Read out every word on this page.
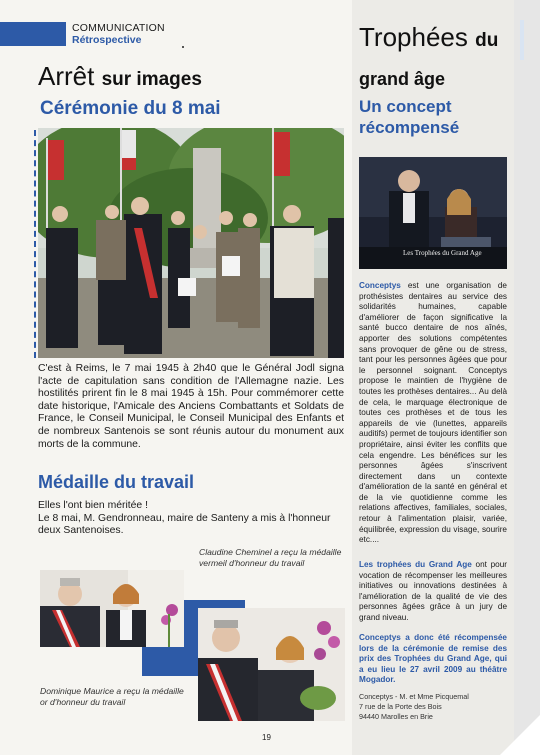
COMMUNICATION
Rétrospective
Arrêt sur images
Cérémonie du 8 mai
C'est à Reims, le 7 mai 1945 à 2h40 que le Général Jodl signa l'acte de capitulation sans condition de l'Allemagne nazie. Les hostilités prirent fin le 8 mai 1945 à 15h. Pour commémorer cette date historique, l'Amicale des Anciens Combattants et Soldats de France, le Conseil Municipal, le Conseil Municipal des Enfants et de nombreux Santenois se sont réunis autour du monument aux morts de la commune.
Médaille du travail
Elles l'ont bien méritée !
Le 8 mai, M. Gendronneau, maire de Santeny a mis à l'honneur deux Santenoises.
Claudine Cheminel a reçu la médaille vermeil d'honneur du travail
Dominique Maurice a reçu la médaille or d'honneur du travail
19
Trophées du
grand âge
Un concept récompensé
Les Trophées du Grand Age
Conceptys est une organisation de prothésistes dentaires au service des solidarités humaines, capable d'améliorer de façon significative la santé bucco dentaire de nos aînés, apporter des solutions compétentes sans provoquer de gêne ou de stress, tant pour les personnes âgées que pour le personnel soignant. Conceptys propose le maintien de l'hygiène de toutes les prothèses dentaires... Au delà de cela, le marquage électronique de toutes ces prothèses et de tous les appareils de vie (lunettes, appareils auditifs) permet de toujours identifier son propriétaire, ainsi éviter les conflits que cela engendre. Les bénéfices sur les personnes âgées s'inscrivent directement dans un contexte d'amélioration de la santé en général et de la vie quotidienne comme les relations affectives, familiales, sociales, retour à l'alimentation plaisir, variée, équilibrée, expression du visage, sourire etc....
Les trophées du Grand Age ont pour vocation de récompenser les meilleures initiatives ou innovations destinées à l'amélioration de la qualité de vie des personnes âgées grâce à un jury de grand niveau.
Conceptys a donc été récompensée lors de la cérémonie de remise des prix des Trophées du Grand Age, qui a eu lieu le 27 avril 2009 au théâtre Mogador.
Conceptys - M. et Mme Picquemal
7 rue de la Porte des Bois
94440 Marolles en Brie
